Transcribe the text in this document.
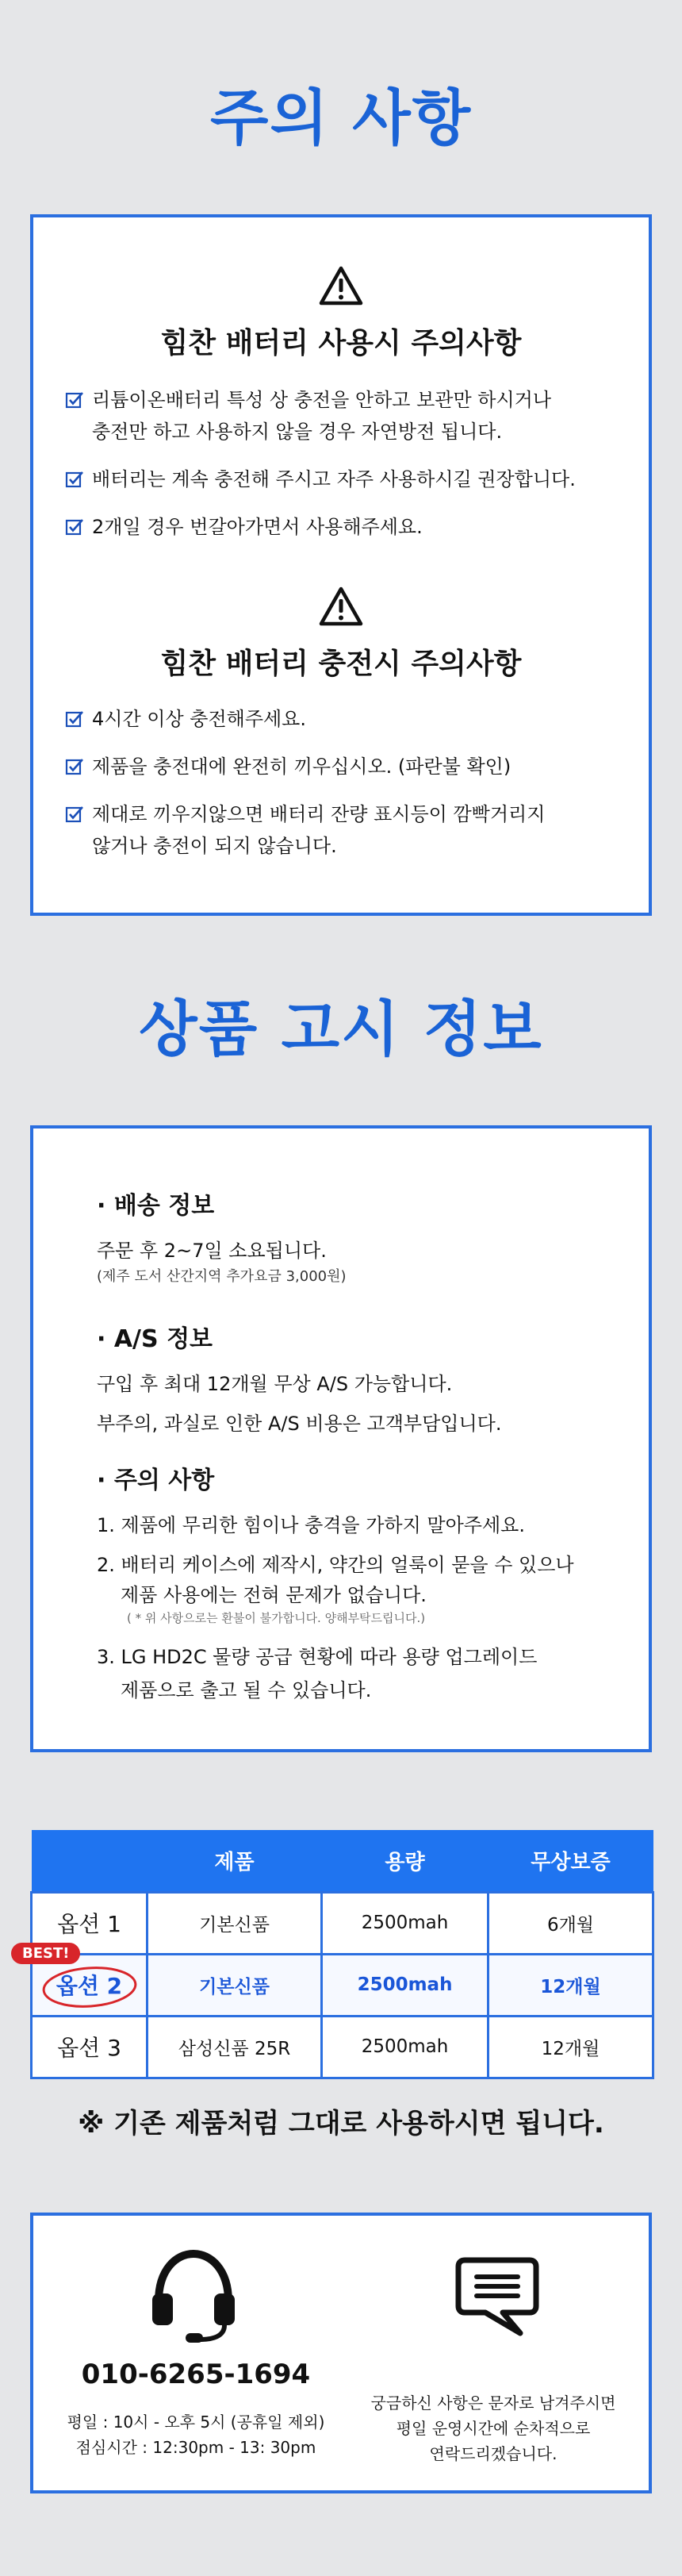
주의 사항
힘찬 배터리 사용시 주의사항
리튬이온배터리 특성 상 충전을 안하고 보관만 하시거나
충전만 하고 사용하지 않을 경우 자연방전 됩니다.
배터리는 계속 충전해 주시고 자주 사용하시길 권장합니다.
2개일 경우 번갈아가면서 사용해주세요.
힘찬 배터리 충전시 주의사항
4시간 이상 충전해주세요.
제품을 충전대에 완전히 끼우십시오. (파란불 확인)
제대로 끼우지않으면 배터리 잔량 표시등이 깜빡거리지
않거나 충전이 되지 않습니다.
상품 고시 정보
· 배송 정보
주문 후 2~7일 소요됩니다.
(제주 도서 산간지역 추가요금 3,000원)
· A/S 정보
구입 후 최대 12개월 무상 A/S 가능합니다.
부주의, 과실로 인한 A/S 비용은 고객부담입니다.
· 주의 사항
1. 제품에 무리한 힘이나 충격을 가하지 말아주세요.
2. 배터리 케이스에 제작시, 약간의 얼룩이 묻을 수 있으나
제품 사용에는 전혀 문제가 없습니다.
( * 위 사항으로는 환불이 불가합니다. 양해부탁드립니다.)
3. LG HD2C 물량 공급 현황에 따라 용량 업그레이드
제품으로 출고 될 수 있습니다.
	제품	용량	무상보증
옵션 1	기본신품	2500mah	6개월
옵션 2	기본신품	2500mah	12개월
옵션 3	삼성신품 25R	2500mah	12개월
BEST!
※ 기존 제품처럼 그대로 사용하시면 됩니다.
010-6265-1694
평일 : 10시 - 오후 5시 (공휴일 제외)
점심시간 : 12:30pm - 13: 30pm
궁금하신 사항은 문자로 남겨주시면
평일 운영시간에 순차적으로
연락드리겠습니다.
